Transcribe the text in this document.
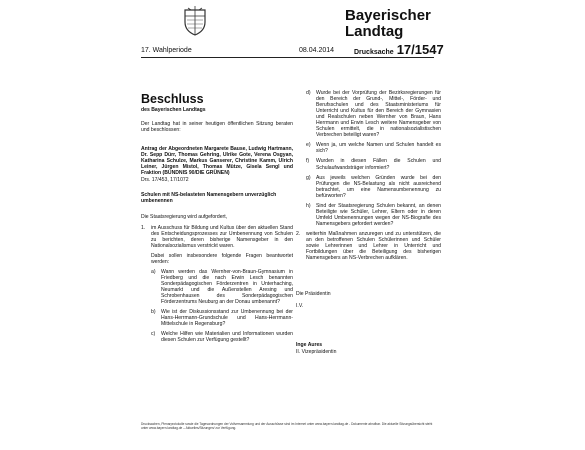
Bayerischer
Landtag
17. Wahlperiode	08.04.2014	Drucksache 17/1547
Beschluss
des Bayerischen Landtags

Der Landtag hat in seiner heutigen öffentlichen Sitzung beraten und beschlossen:

Antrag der Abgeordneten Margarete Bause, Ludwig Hartmann, Dr. Sepp Dürr, Thomas Gehring, Ulrike Gote, Verena Osgyan, Katharina Schulze, Markus Ganserer, Christine Kamm, Ulrich Leiner, Jürgen Mistol, Thomas Mütze, Gisela Sengl und Fraktion (BÜNDNIS 90/DIE GRÜNEN)

Drs. 17/453, 17/1072

Schulen mit NS-belasteten Namensgebern unverzüglich umbenennen

Die Staatsregierung wird aufgefordert,

1.	im Ausschuss für Bildung und Kultus über den aktuellen Stand des Entscheidungsprozesses zur Umbenennung von Schulen zu berichten, deren bisherige Namensgeber in den Nationalsozialismus verstrickt waren.
Dabei sollen insbesondere folgende Fragen beantwortet werden:
a)	Wann werden das Wernher-von-Braun-Gymnasium in Friedberg und die nach Erwin Lesch benannten Sonderpädagogischen Förderzentren in Unterhaching, Neumarkt und die Außenstellen Aresing und Schrobenhausen des Sonderpädagogischen Förderzentrums Neuburg an der Donau umbenannt?
b)	Wie ist der Diskussionsstand zur Umbenennung bei der Hans-Herrmann-Grundschule und Hans-Herrmann-Mittelschule in Regensburg?
c)	Welche Hilfen wie Materialien und Informationen wurden diesen Schulen zur Verfügung gestellt?
d)	Wurde bei der Vorprüfung der Bezirksregierungen für den Bereich der Grund-, Mittel-, Förder- und Berufsschulen und des Staatsministeriums für Unterricht und Kultus für den Bereich der Gymnasien und Realschulen neben Wernher von Braun, Hans Herrmann und Erwin Lesch weitere Namensgeber von Schulen ermittelt, die in nationalsozialistischen Verbrechen beteiligt waren?
e)	Wenn ja, um welche Namen und Schulen handelt es sich?
f)	Wurden in diesen Fällen die Schulen und Schulaufwandsträger informiert?
g)	Aus jeweils welchen Gründen wurde bei den Prüfungen die NS-Belastung als nicht ausreichend betrachtet, um eine Namensumbenennung zu befürworten?
h)	Sind der Staatsregierung Schulen bekannt, an denen Beteiligte wie Schüler, Lehrer, Eltern oder in deren Umfeld Umbenennungen wegen der NS-Biografie des Namensgebers gefordert werden?
2.	weiterhin Maßnahmen anzuregen und zu unterstützen, die an den betroffenen Schulen Schülerinnen und Schüler sowie Lehrerinnen und Lehrer in Unterricht und Fortbildungen über die Beteiligung des bisherigen Namensgebers an NS-Verbrechen aufklären.

Die Präsidentin

I.V.

Inge Aures

II. Vizepräsidentin

Drucksachen, Plenarprotokolle sowie die Tagesordnungen der Vollversammlung und der Ausschüsse sind im Internet unter www.bayern.landtag.de - Dokumente abrufbar. Die aktuelle Sitzungsübersicht steht unter www.bayern.landtag.de – Aktuelles/Sitzungen/ zur Verfügung.
